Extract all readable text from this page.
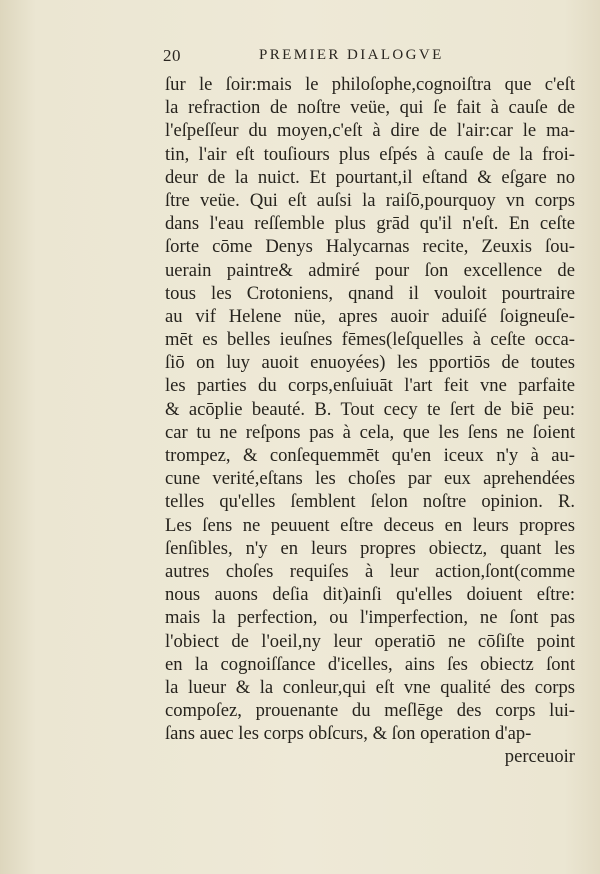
20	PREMIER DIALOGVE
ſur le ſoir:mais le philoſophe,cognoiſtra que c'eſt
la refraction de noſtre veüe, qui ſe fait à cauſe de
l'eſpeſſeur du moyen,c'eſt à dire de l'air:car le ma-
tin, l'air eſt touſiours plus eſpés à cauſe de la froi-
deur de la nuict. Et pourtant,il eſtand & eſgare no
ſtre veüe. Qui eſt auſsi la raiſō,pourquoy vn corps
dans l'eau reſſemble plus grād qu'il n'eſt. En ceſte
ſorte cōme Denys Halycarnas recite, Zeuxis ſou-
uerain paintre& admiré pour ſon excellence de
tous les Crotoniens, qnand il vouloit pourtraire
au vif Helene nüe, apres auoir aduiſé ſoigneuſe-
mēt es belles ieuſnes fēmes(leſquelles à ceſte occa-
ſiō on luy auoit enuoyées) les pportiōs de toutes
les parties du corps,enſuiuāt l'art feit vne parfaite
& acōplie beauté. B. Tout cecy te ſert de biē peu:
car tu ne reſpons pas à cela, que les ſens ne ſoient
trompez, & conſequemmēt qu'en iceux n'y à au-
cune verité,eſtans les choſes par eux aprehendées
telles qu'elles ſemblent ſelon noſtre opinion. R.
Les ſens ne peuuent eſtre deceus en leurs propres
ſenſibles, n'y en leurs propres obiectz, quant les
autres choſes requiſes à leur action,ſont(comme
nous auons deſia dit)ainſi qu'elles doiuent eſtre:
mais la perfection, ou l'imperfection, ne ſont pas
l'obiect de l'oeil,ny leur operatiō ne cōſiſte point
en la cognoiſſance d'icelles, ains ſes obiectz ſont
la lueur & la conleur,qui eſt vne qualité des corps
compoſez, prouenante du meſlēge des corps lui-
ſans auec les corps obſcurs, & ſon operation d'ap-
perceuoir
